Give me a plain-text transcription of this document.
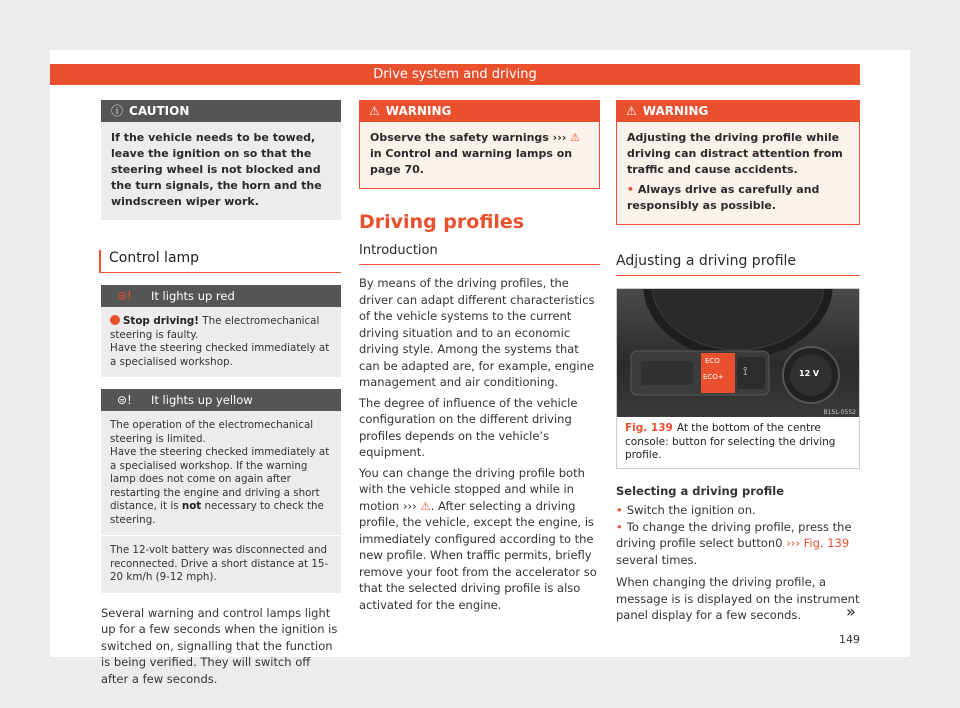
Drive system and driving
ⓘ CAUTION
If the vehicle needs to be towed, leave the ignition on so that the steering wheel is not blocked and the turn signals, the horn and the windscreen wiper work.
Control lamp
⊜! It lights up red
Stop driving! The electromechanical steering is faulty.
Have the steering checked immediately at a specialised workshop.
⊜! It lights up yellow
The operation of the electromechanical steering is limited.
Have the steering checked immediately at a specialised workshop. If the warning lamp does not come on again after restarting the engine and driving a short distance, it is not necessary to check the steering.
The 12-volt battery was disconnected and reconnected. Drive a short distance at 15-20 km/h (9-12 mph).

Several warning and control lamps light up for a few seconds when the ignition is switched on, signalling that the function is being verified. They will switch off after a few seconds.

⚠ WARNING
Observe the safety warnings ››› ⚠ in Control and warning lamps on page 70.
Driving profiles
Introduction

By means of the driving profiles, the driver can adapt different characteristics of the vehicle systems to the current driving situation and to an economic driving style. Among the systems that can be adapted are, for example, engine management and air conditioning.

The degree of influence of the vehicle configuration on the different driving profiles depends on the vehicle’s equipment.

You can change the driving profile both with the vehicle stopped and while in motion ››› ⚠. After selecting a driving profile, the vehicle, except the engine, is immediately configured according to the new profile. When traffic permits, briefly remove your foot from the accelerator so that the selected driving profile is also activated for the engine.

⚠ WARNING
Adjusting the driving profile while driving can distract attention from traffic and cause accidents.
• Always drive as carefully and responsibly as possible.
Adjusting a driving profile
ECO
ECO+ ⟟	12 V
B1SL-0552
Fig. 139 At the bottom of the centre console: button for selecting the driving profile.

Selecting a driving profile

• Switch the ignition on.

• To change the driving profile, press the driving profile select button0 ››› Fig. 139 several times.

When changing the driving profile, a message is is displayed on the instrument panel display for a few seconds.	»
149
